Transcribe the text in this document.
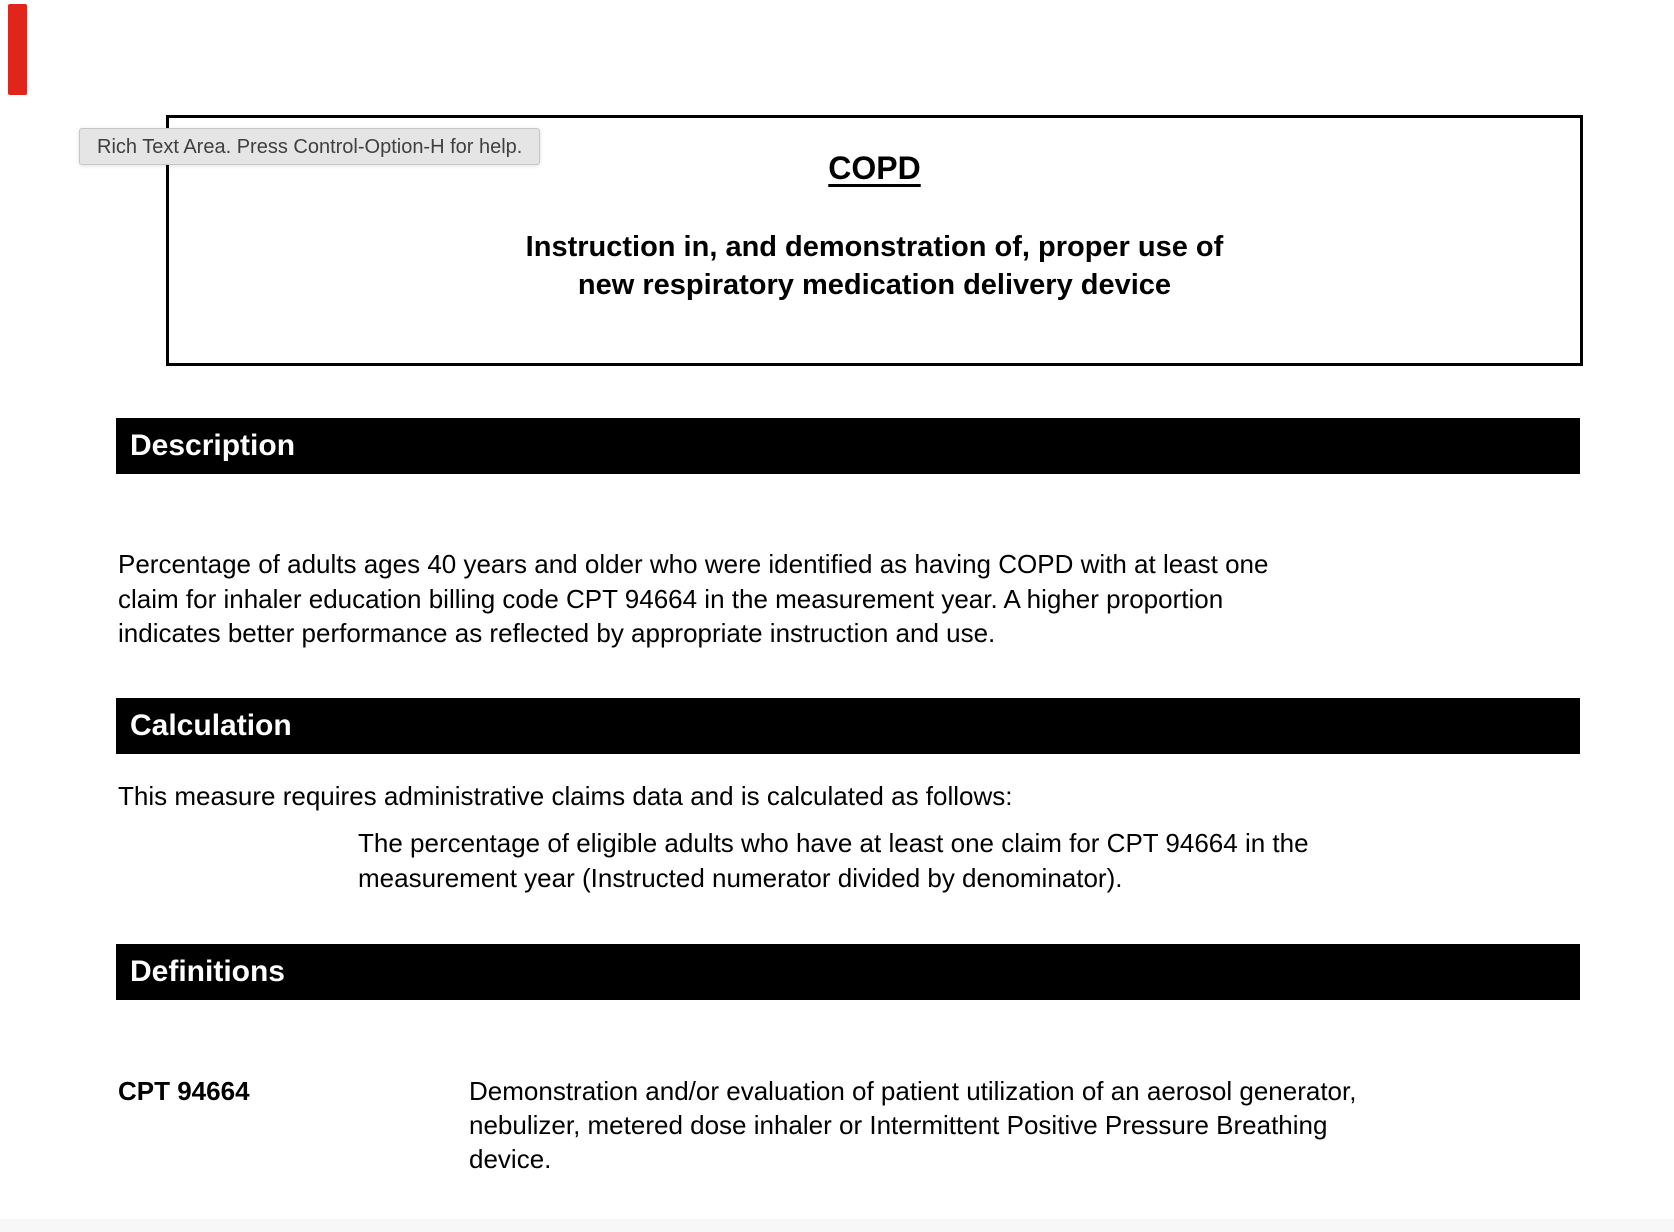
COPD
Instruction in, and demonstration of, proper use of
new respiratory medication delivery device
Rich Text Area. Press Control-Option-H for help.
Description
Percentage of adults ages 40 years and older who were identified as having COPD with at least one
claim for inhaler education billing code CPT 94664 in the measurement year. A higher proportion
indicates better performance as reflected by appropriate instruction and use.
Calculation
This measure requires administrative claims data and is calculated as follows:
The percentage of eligible adults who have at least one claim for CPT 94664 in the
measurement year (Instructed numerator divided by denominator).
Definitions
CPT 94664	Demonstration and/or evaluation of patient utilization of an aerosol generator,
nebulizer, metered dose inhaler or Intermittent Positive Pressure Breathing
device.
